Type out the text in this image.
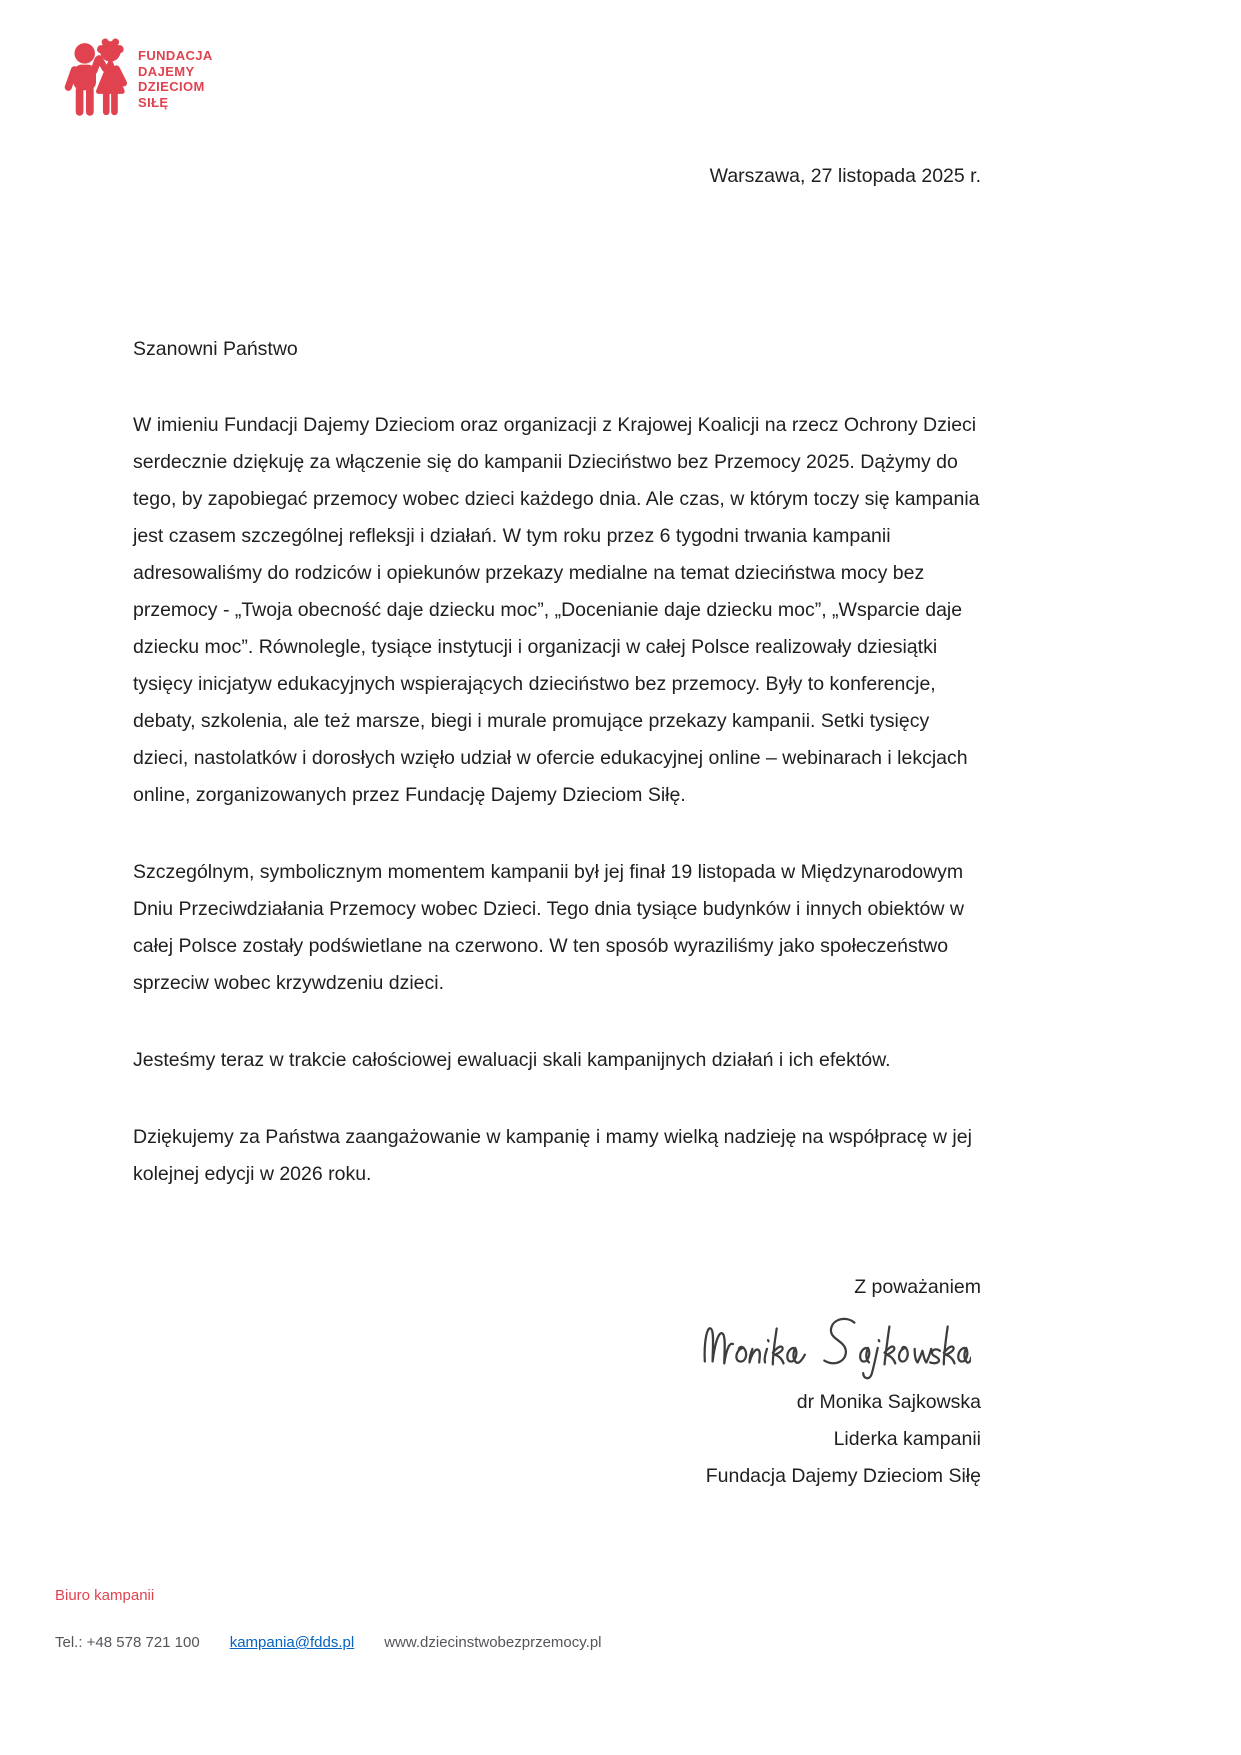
FUNDACJA
DAJEMY
DZIECIOM
SIŁĘ
Warszawa, 27 listopada 2025 r.
Szanowni Państwo

W imieniu Fundacji Dajemy Dzieciom oraz organizacji z Krajowej Koalicji na rzecz Ochrony Dzieci serdecznie dziękuję za włączenie się do kampanii Dzieciństwo bez Przemocy 2025. Dążymy do tego, by zapobiegać przemocy wobec dzieci każdego dnia. Ale czas, w którym toczy się kampania jest czasem szczególnej refleksji i działań. W tym roku przez 6 tygodni trwania kampanii adresowaliśmy do rodziców i opiekunów przekazy medialne na temat dzieciństwa mocy bez przemocy - „Twoja obecność daje dziecku moc”, „Docenianie daje dziecku moc”, „Wsparcie daje dziecku moc”. Równolegle, tysiące instytucji i organizacji w całej Polsce realizowały dziesiątki tysięcy inicjatyw edukacyjnych wspierających dzieciństwo bez przemocy. Były to konferencje, debaty, szkolenia, ale też marsze, biegi i murale promujące przekazy kampanii. Setki tysięcy dzieci, nastolatków i dorosłych wzięło udział w ofercie edukacyjnej online – webinarach i lekcjach online, zorganizowanych przez Fundację Dajemy Dzieciom Siłę.

Szczególnym, symbolicznym momentem kampanii był jej finał 19 listopada w Międzynarodowym Dniu Przeciwdziałania Przemocy wobec Dzieci. Tego dnia tysiące budynków i innych obiektów w całej Polsce zostały podświetlane na czerwono. W ten sposób wyraziliśmy jako społeczeństwo sprzeciw wobec krzywdzeniu dzieci.

Jesteśmy teraz w trakcie całościowej ewaluacji skali kampanijnych działań i ich efektów.

Dziękujemy za Państwa zaangażowanie w kampanię i mamy wielką nadzieję na współpracę w jej kolejnej edycji w 2026 roku.

Z poważaniem
dr Monika Sajkowska
Liderka kampanii
Fundacja Dajemy Dzieciom Siłę
Biuro kampanii
Tel.: +48 578 721 100 kampania@fdds.pl www.dziecinstwobezprzemocy.pl
